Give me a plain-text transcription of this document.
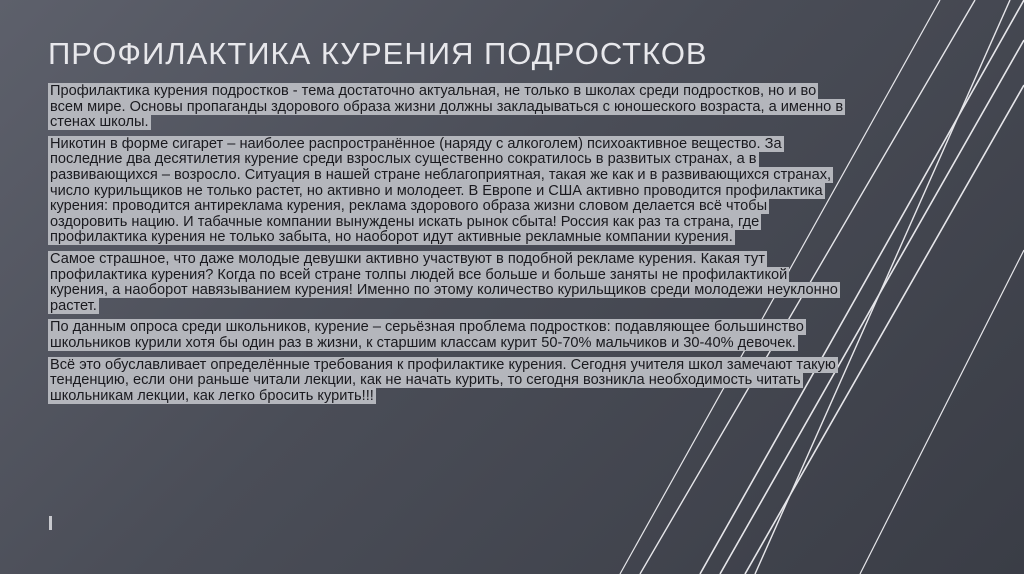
ПРОФИЛАКТИКА КУРЕНИЯ ПОДРОСТКОВ

Профилактика курения подростков - тема достаточно актуальная, не только в школах среди подростков, но и во всем мире. Основы пропаганды здорового образа жизни должны закладываться с юношеского возраста, а именно в стенах школы.

Никотин в форме сигарет – наиболее распространённое (наряду с алкоголем) психоактивное вещество. За последние два десятилетия курение среди взрослых существенно сократилось в развитых странах, а в развивающихся – возросло. Ситуация в нашей стране неблагоприятная, такая же как и в развивающихся странах, число курильщиков не только растет, но активно и молодеет. В Европе и США активно проводится профилактика курения: проводится антиреклама курения, реклама здорового образа жизни словом делается всё чтобы оздоровить нацию. И табачные компании вынуждены искать рынок сбыта! Россия как раз та страна, где профилактика курения не только забыта, но наоборот идут активные рекламные компании курения.

Самое страшное, что даже молодые девушки активно участвуют в подобной рекламе курения. Какая тут профилактика курения? Когда по всей стране толпы людей все больше и больше заняты не профилактикой курения, а наоборот навязыванием курения! Именно по этому количество курильщиков среди молодежи неуклонно растет.

По данным опроса среди школьников, курение – серьёзная проблема подростков: подавляющее большинство школьников курили хотя бы один раз в жизни, к старшим классам курит 50-70% мальчиков и 30-40% девочек.

Всё это обуславливает определённые требования к профилактике курения. Сегодня учителя школ замечают такую тенденцию, если они раньше читали лекции, как не начать курить, то сегодня возникла необходимость читать школьникам лекции, как легко бросить курить!!!
